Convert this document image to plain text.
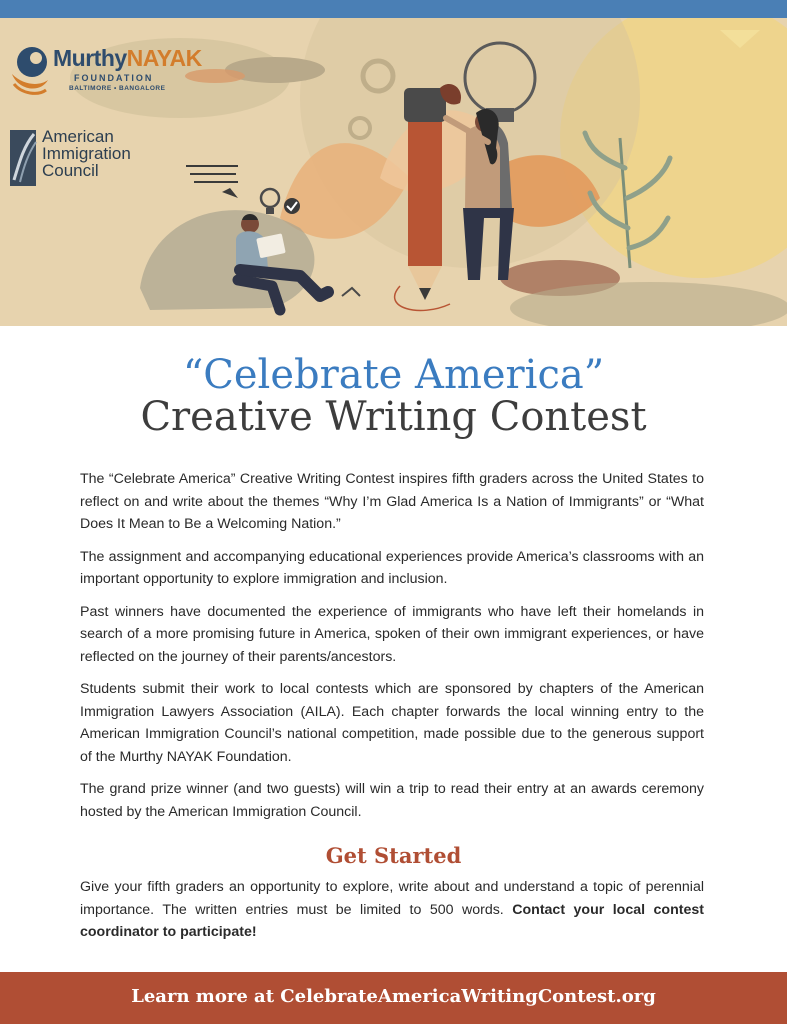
MurthyNAYAK
FOUNDATION
BALTIMORE • BANGALORE
American
Immigration
Council
“Celebrate America”
Creative Writing Contest

The “Celebrate America” Creative Writing Contest inspires fifth graders across the United States to reflect on and write about the themes “Why I’m Glad America Is a Nation of Immigrants” or “What Does It Mean to Be a Welcoming Nation.”

The assignment and accompanying educational experiences provide America’s classrooms with an important opportunity to explore immigration and inclusion.

Past winners have documented the experience of immigrants who have left their homelands in search of a more promising future in America, spoken of their own immigrant experiences, or have reflected on the journey of their parents/ancestors.

Students submit their work to local contests which are sponsored by chapters of the American Immigration Lawyers Association (AILA). Each chapter forwards the local winning entry to the American Immigration Council’s national competition, made possible due to the generous support of the Murthy NAYAK Foundation.

The grand prize winner (and two guests) will win a trip to read their entry at an awards ceremony hosted by the American Immigration Council.

Get Started
Give your fifth graders an opportunity to explore, write about and understand a topic of perennial importance. The written entries must be limited to 500 words. Contact your local contest coordinator to participate!
Learn more at CelebrateAmericaWritingContest.org
